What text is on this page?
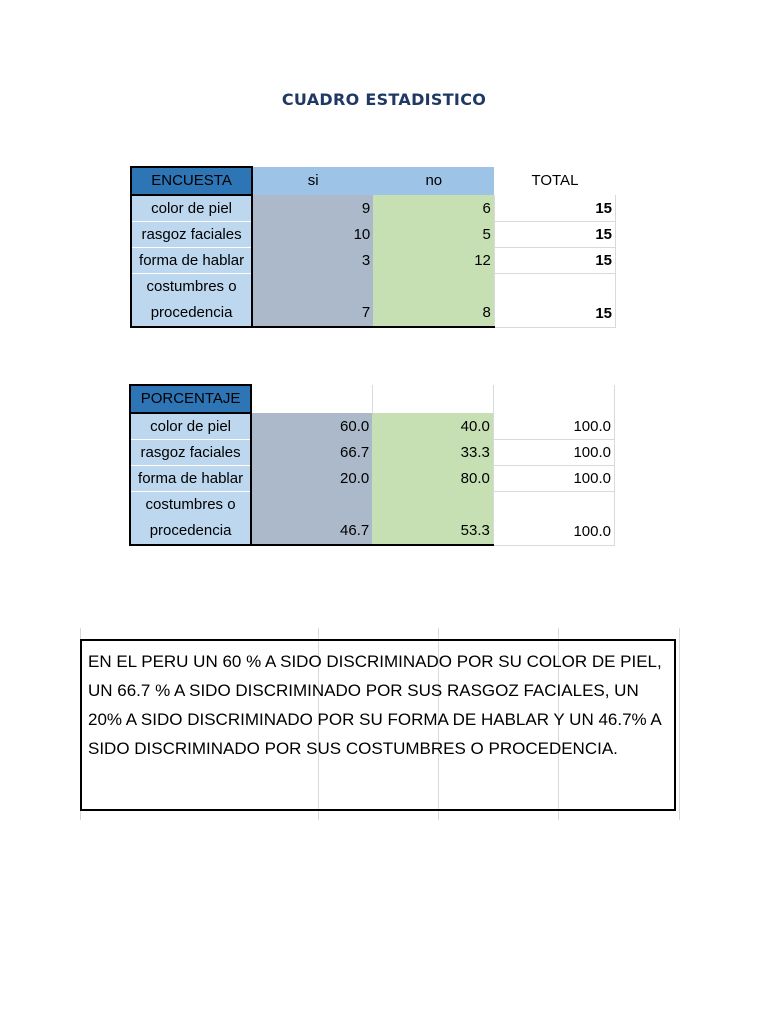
CUADRO ESTADISTICO
ENCUESTA	si	no	TOTAL
color de piel	9	6	15
rasgoz faciales	10	5	15
forma de hablar	3	12	15
costumbres o
procedencia	7	8	15
PORCENTAJE			
color de piel	60.0	40.0	100.0
rasgoz faciales	66.7	33.3	100.0
forma de hablar	20.0	80.0	100.0
costumbres o
procedencia	46.7	53.3	100.0
EN EL PERU UN 60 % A SIDO DISCRIMINADO POR SU COLOR DE PIEL, UN 66.7 % A SIDO DISCRIMINADO POR SUS RASGOZ FACIALES, UN 20% A SIDO DISCRIMINADO POR SU FORMA DE HABLAR Y UN 46.7% A SIDO DISCRIMINADO POR SUS COSTUMBRES O PROCEDENCIA.
